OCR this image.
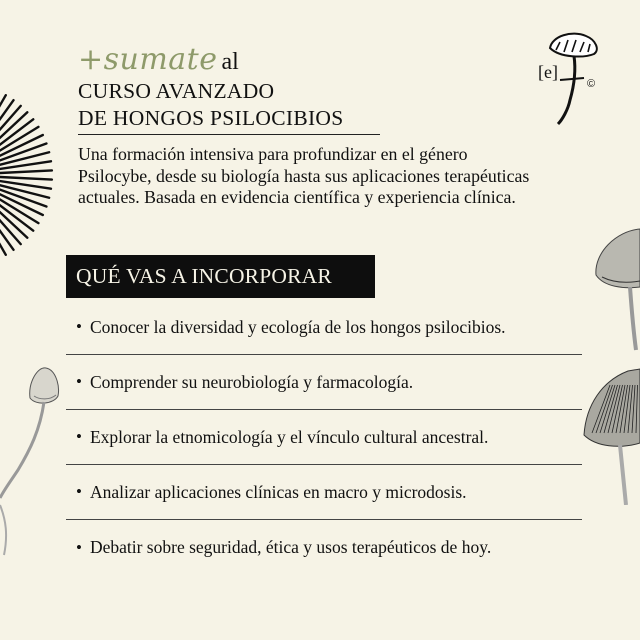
[e]
©
+sumate al
CURSO AVANZADO
DE HONGOS PSILOCIBIOS
Una formación intensiva para profundizar en el género
Psilocybe, desde su biología hasta sus aplicaciones terapéuticas
actuales. Basada en evidencia científica y experiencia clínica.
QUÉ VAS A INCORPORAR
• Conocer la diversidad y ecología de los hongos psilocibios.
• Comprender su neurobiología y farmacología.
• Explorar la etnomicología y el vínculo cultural ancestral.
• Analizar aplicaciones clínicas en macro y microdosis.
• Debatir sobre seguridad, ética y usos terapéuticos de hoy.
